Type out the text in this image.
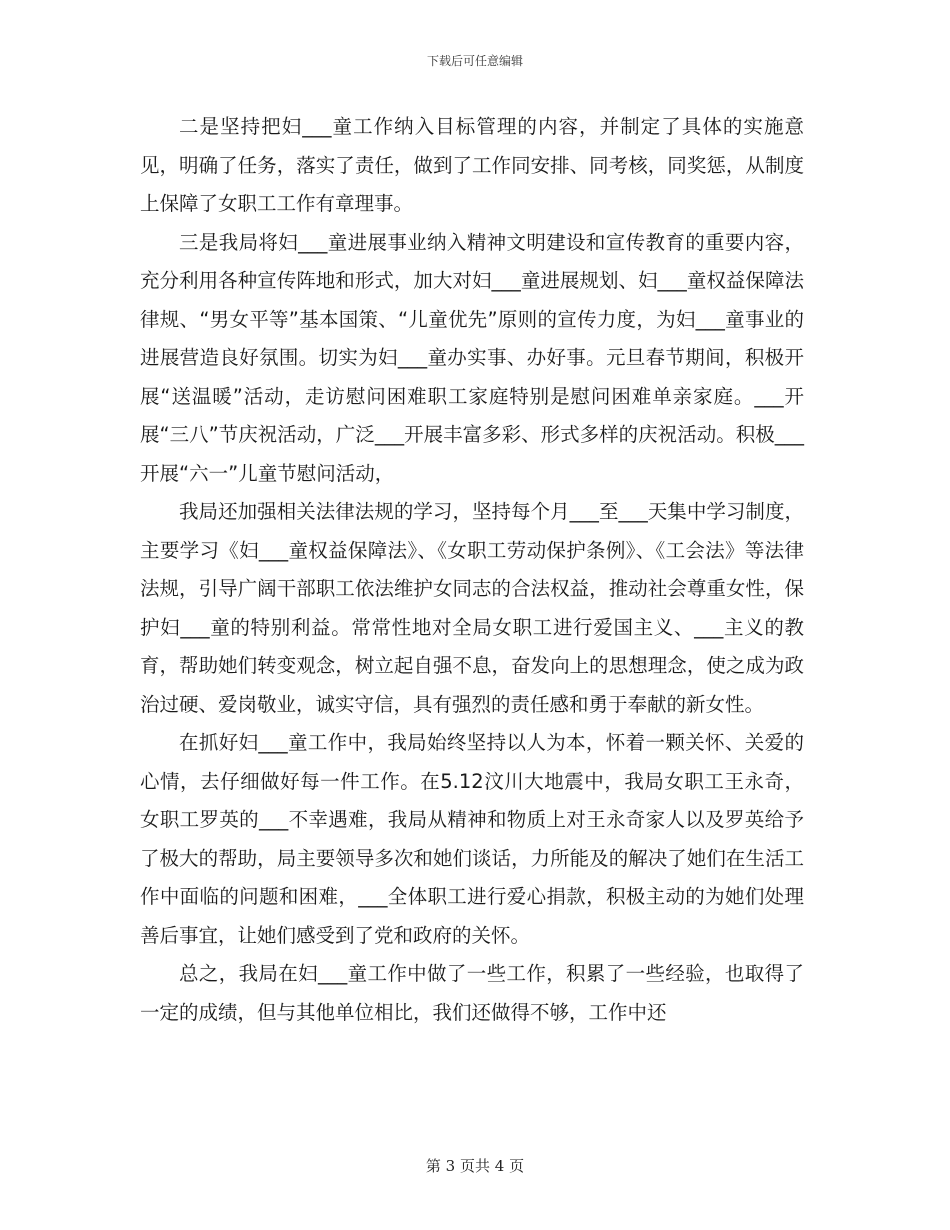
下载后可任意编辑

二是坚持把妇___童工作纳入目标管理的内容，并制定了具体的实施意见，明确了任务，落实了责任，做到了工作同安排、同考核，同奖惩，从制度上保障了女职工工作有章理事。

三是我局将妇___童进展事业纳入精神文明建设和宣传教育的重要内容，充分利用各种宣传阵地和形式，加大对妇___童进展规划、妇___童权益保障法律规、“男女平等”基本国策、“儿童优先”原则的宣传力度，为妇___童事业的进展营造良好氛围。切实为妇___童办实事、办好事。元旦春节期间，积极开展“送温暖”活动，走访慰问困难职工家庭特别是慰问困难单亲家庭。___开展“三八”节庆祝活动，广泛___开展丰富多彩、形式多样的庆祝活动。积极___开展“六一”儿童节慰问活动，

我局还加强相关法律法规的学习，坚持每个月___至___天集中学习制度，主要学习《妇___童权益保障法》、《女职工劳动保护条例》、《工会法》等法律法规，引导广阔干部职工依法维护女同志的合法权益，推动社会尊重女性，保护妇___童的特别利益。常常性地对全局女职工进行爱国主义、___主义的教育，帮助她们转变观念，树立起自强不息，奋发向上的思想理念，使之成为政治过硬、爱岗敬业，诚实守信，具有强烈的责任感和勇于奉献的新女性。

在抓好妇___童工作中，我局始终坚持以人为本，怀着一颗关怀、关爱的心情，去仔细做好每一件工作。在5.12汶川大地震中，我局女职工王永奇，女职工罗英的___不幸遇难，我局从精神和物质上对王永奇家人以及罗英给予了极大的帮助，局主要领导多次和她们谈话，力所能及的解决了她们在生活工作中面临的问题和困难，___全体职工进行爱心捐款，积极主动的为她们处理善后事宜，让她们感受到了党和政府的关怀。

总之，我局在妇___童工作中做了一些工作，积累了一些经验，也取得了一定的成绩，但与其他单位相比，我们还做得不够，工作中还

第 3 页共 4 页
